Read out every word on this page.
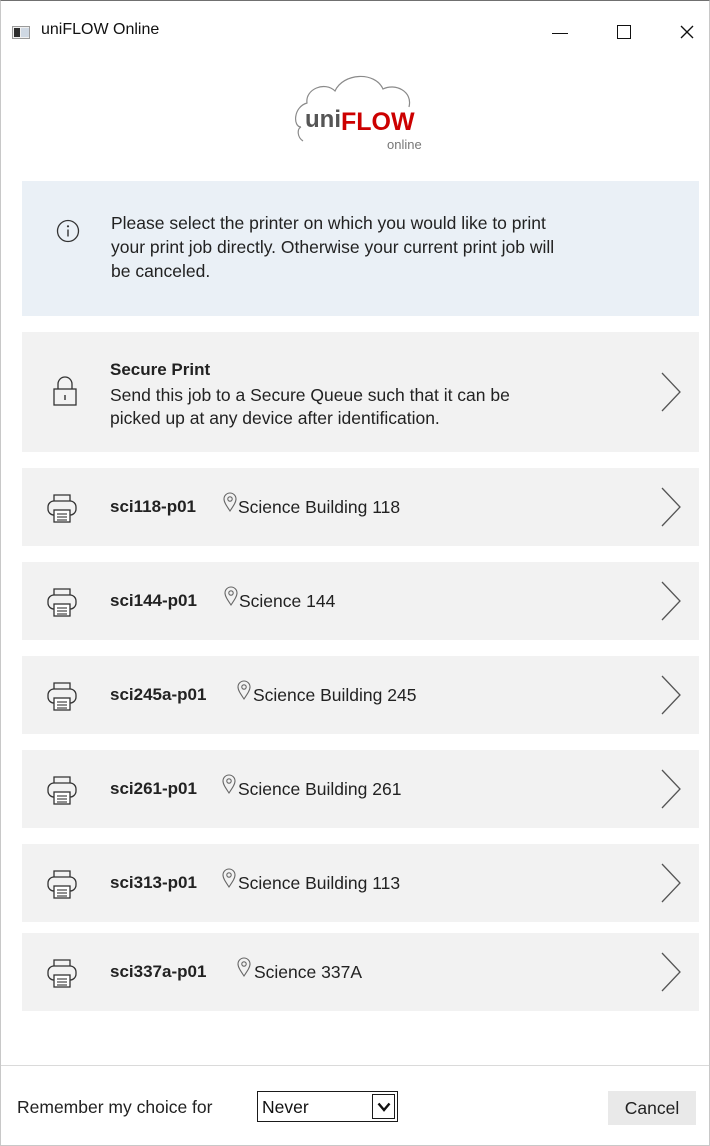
uniFLOW Online
uni FLOW
online
Please select the printer on which you would like to print
your print job directly. Otherwise your current print job will
be canceled.
Secure Print
Send this job to a Secure Queue such that it can be
picked up at any device after identification.
sci118-p01 Science Building 118
sci144-p01 Science 144
sci245a-p01	Science Building 245
sci261-p01 Science Building 261
sci313-p01 Science Building 113
sci337a-p01	Science 337A
Remember my choice for	Never	Cancel
